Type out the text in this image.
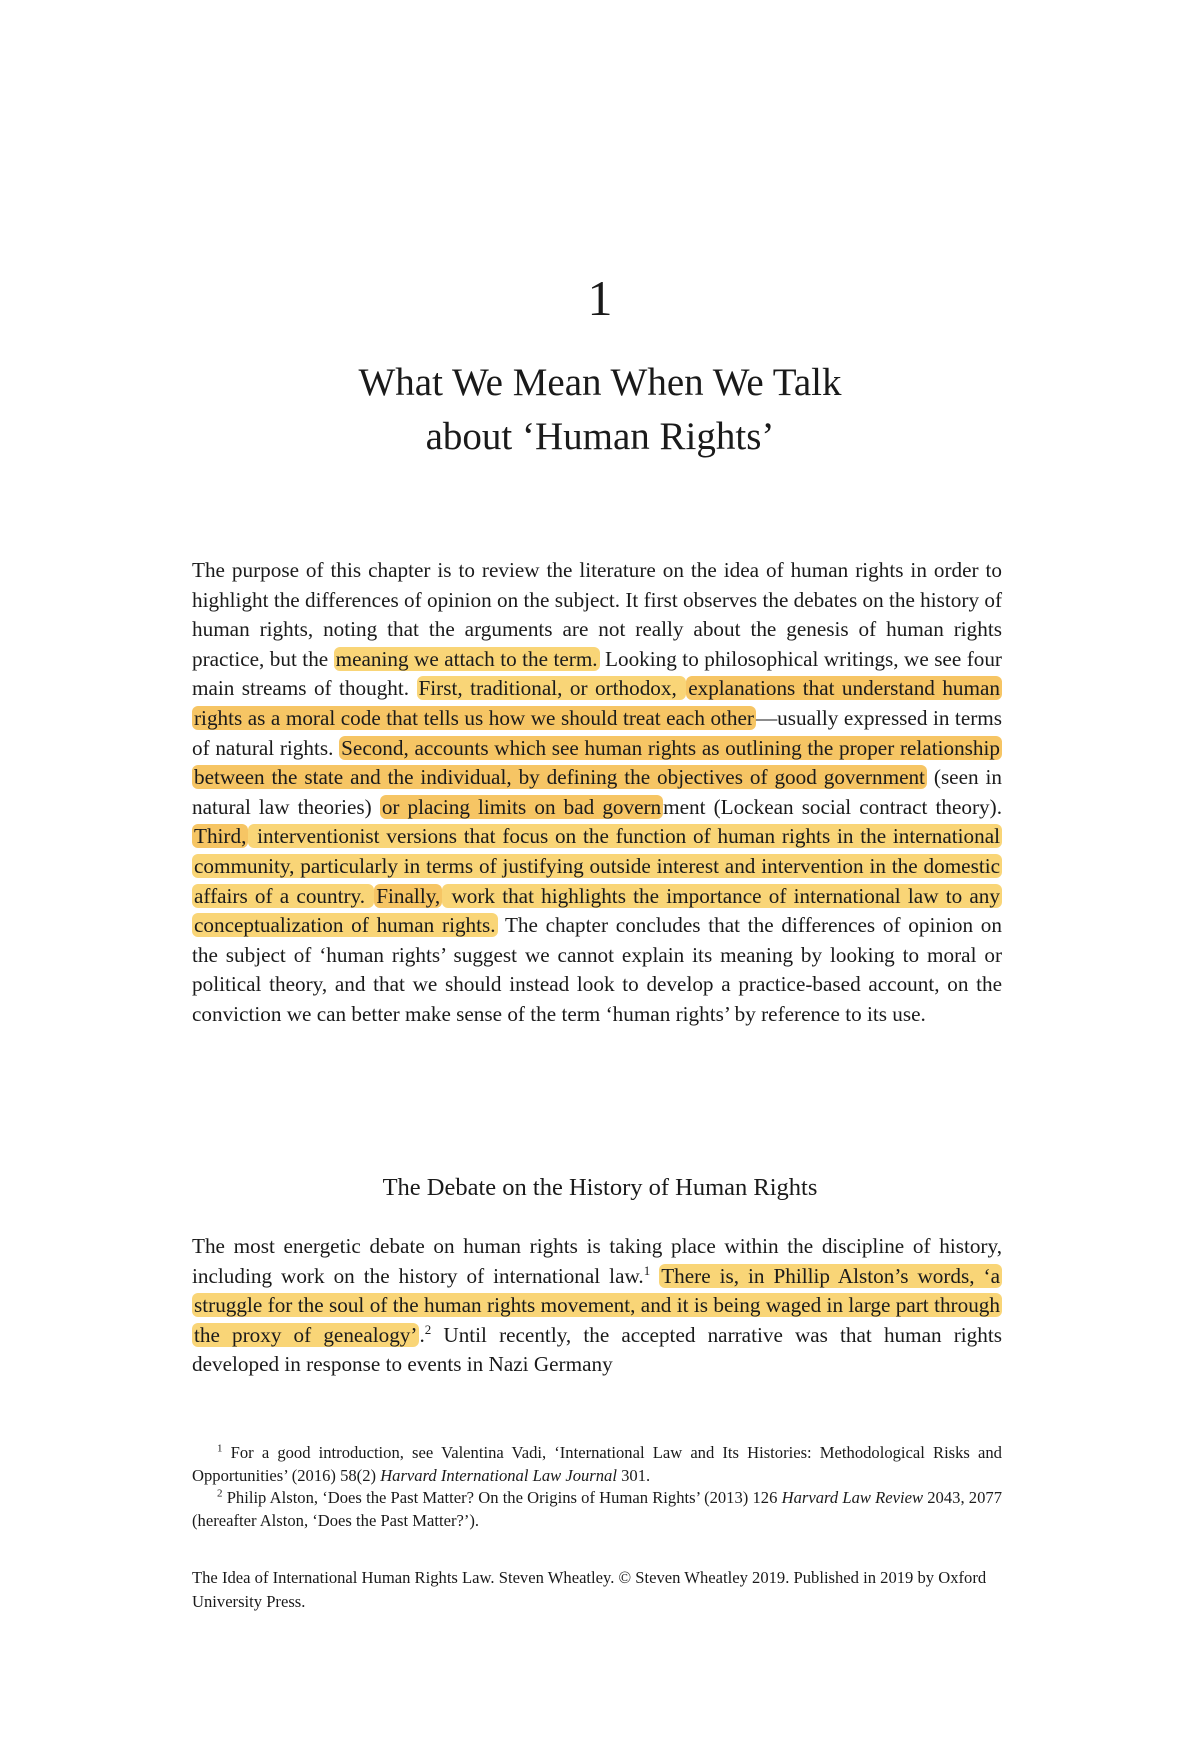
1
What We Mean When We Talk
about ‘Human Rights’

The purpose of this chapter is to review the literature on the idea of human rights in order to highlight the differences of opinion on the subject. It first observes the debates on the history of human rights, noting that the arguments are not really about the genesis of human rights practice, but the meaning we attach to the term. Looking to philosophical writings, we see four main streams of thought. First, traditional, or orthodox, explanations that understand human rights as a moral code that tells us how we should treat each other—usually expressed in terms of natural rights. Second, accounts which see human rights as outlining the proper relationship between the state and the individual, by defining the objectives of good government (seen in natural law theories) or placing limits on bad government (Lockean social contract theory). Third, interventionist versions that focus on the function of human rights in the international community, particularly in terms of justifying outside interest and intervention in the domestic affairs of a country. Finally, work that highlights the importance of international law to any conceptualization of human rights. The chapter concludes that the differences of opinion on the subject of ‘human rights’ suggest we cannot explain its meaning by looking to moral or political theory, and that we should instead look to develop a practice-based account, on the conviction we can better make sense of the term ‘human rights’ by reference to its use.

The Debate on the History of Human Rights

The most energetic debate on human rights is taking place within the discipline of history, including work on the history of international law.$^1$ There is, in Phillip Alston’s words, ‘a struggle for the soul of the human rights movement, and it is being waged in large part through the proxy of genealogy’.$^2$ Until recently, the accepted narrative was that human rights developed in response to events in Nazi Germany

$^1$ For a good introduction, see Valentina Vadi, ‘International Law and Its Histories: Methodological Risks and Opportunities’ (2016) 58(2) Harvard International Law Journal 301.

$^2$ Philip Alston, ‘Does the Past Matter? On the Origins of Human Rights’ (2013) 126 Harvard Law Review 2043, 2077 (hereafter Alston, ‘Does the Past Matter?’).

The Idea of International Human Rights Law. Steven Wheatley. © Steven Wheatley 2019. Published in 2019 by Oxford University Press.
